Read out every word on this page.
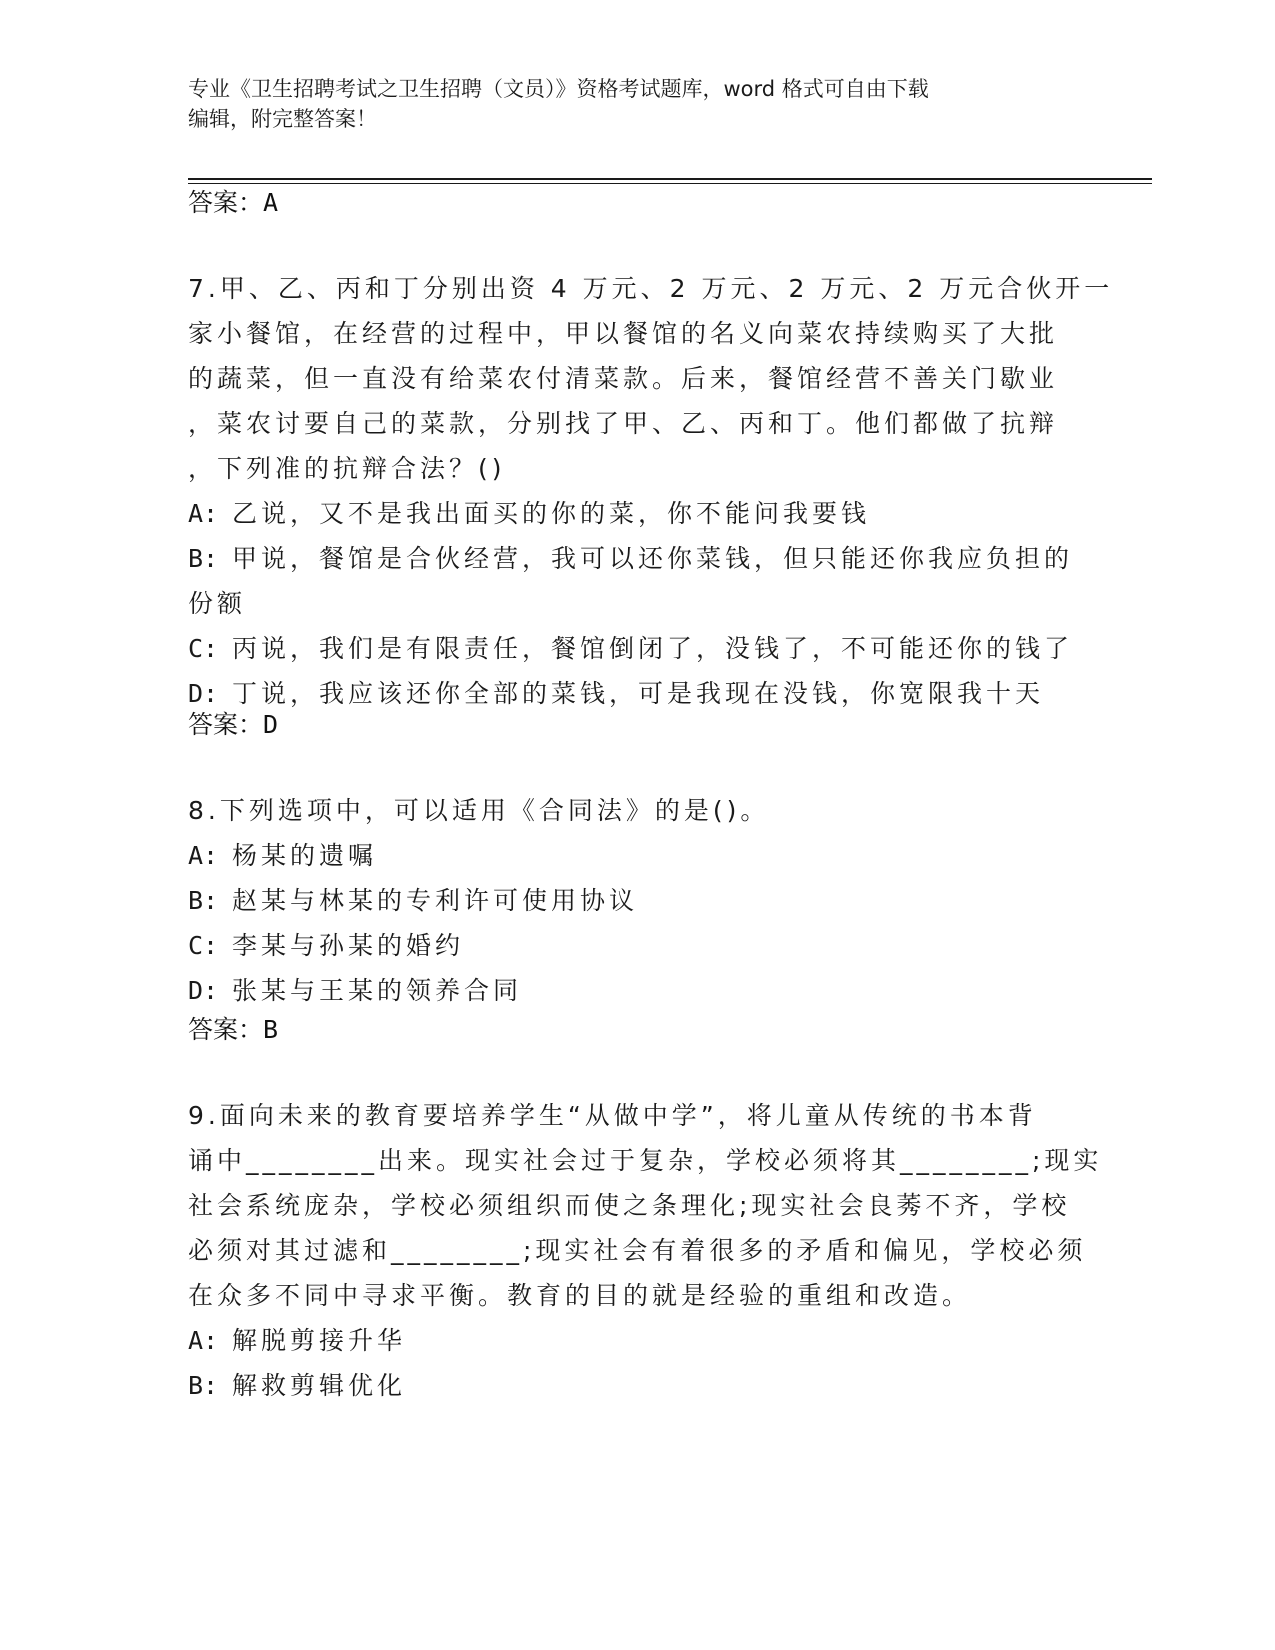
专业《卫生招聘考试之卫生招聘（文员）》资格考试题库，word 格式可自由下载
编辑，附完整答案！
答案：A
7.甲、乙、丙和丁分别出资 4 万元、2 万元、2 万元、2 万元合伙开一
家小餐馆，在经营的过程中，甲以餐馆的名义向菜农持续购买了大批
的蔬菜，但一直没有给菜农付清菜款。后来，餐馆经营不善关门歇业
，菜农讨要自己的菜款，分别找了甲、乙、丙和丁。他们都做了抗辩
，下列准的抗辩合法？()
A: 乙说，又不是我出面买的你的菜，你不能问我要钱
B: 甲说，餐馆是合伙经营，我可以还你菜钱，但只能还你我应负担的
份额
C: 丙说，我们是有限责任，餐馆倒闭了，没钱了，不可能还你的钱了
D: 丁说，我应该还你全部的菜钱，可是我现在没钱，你宽限我十天
答案：D
8.下列选项中，可以适用《合同法》的是()。
A: 杨某的遗嘱
B: 赵某与林某的专利许可使用协议
C: 李某与孙某的婚约
D: 张某与王某的领养合同
答案：B
9.面向未来的教育要培养学生“从做中学”，将儿童从传统的书本背
诵中________出来。现实社会过于复杂，学校必须将其________;现实
社会系统庞杂，学校必须组织而使之条理化;现实社会良莠不齐，学校
必须对其过滤和________;现实社会有着很多的矛盾和偏见，学校必须
在众多不同中寻求平衡。教育的目的就是经验的重组和改造。
A: 解脱剪接升华
B: 解救剪辑优化
